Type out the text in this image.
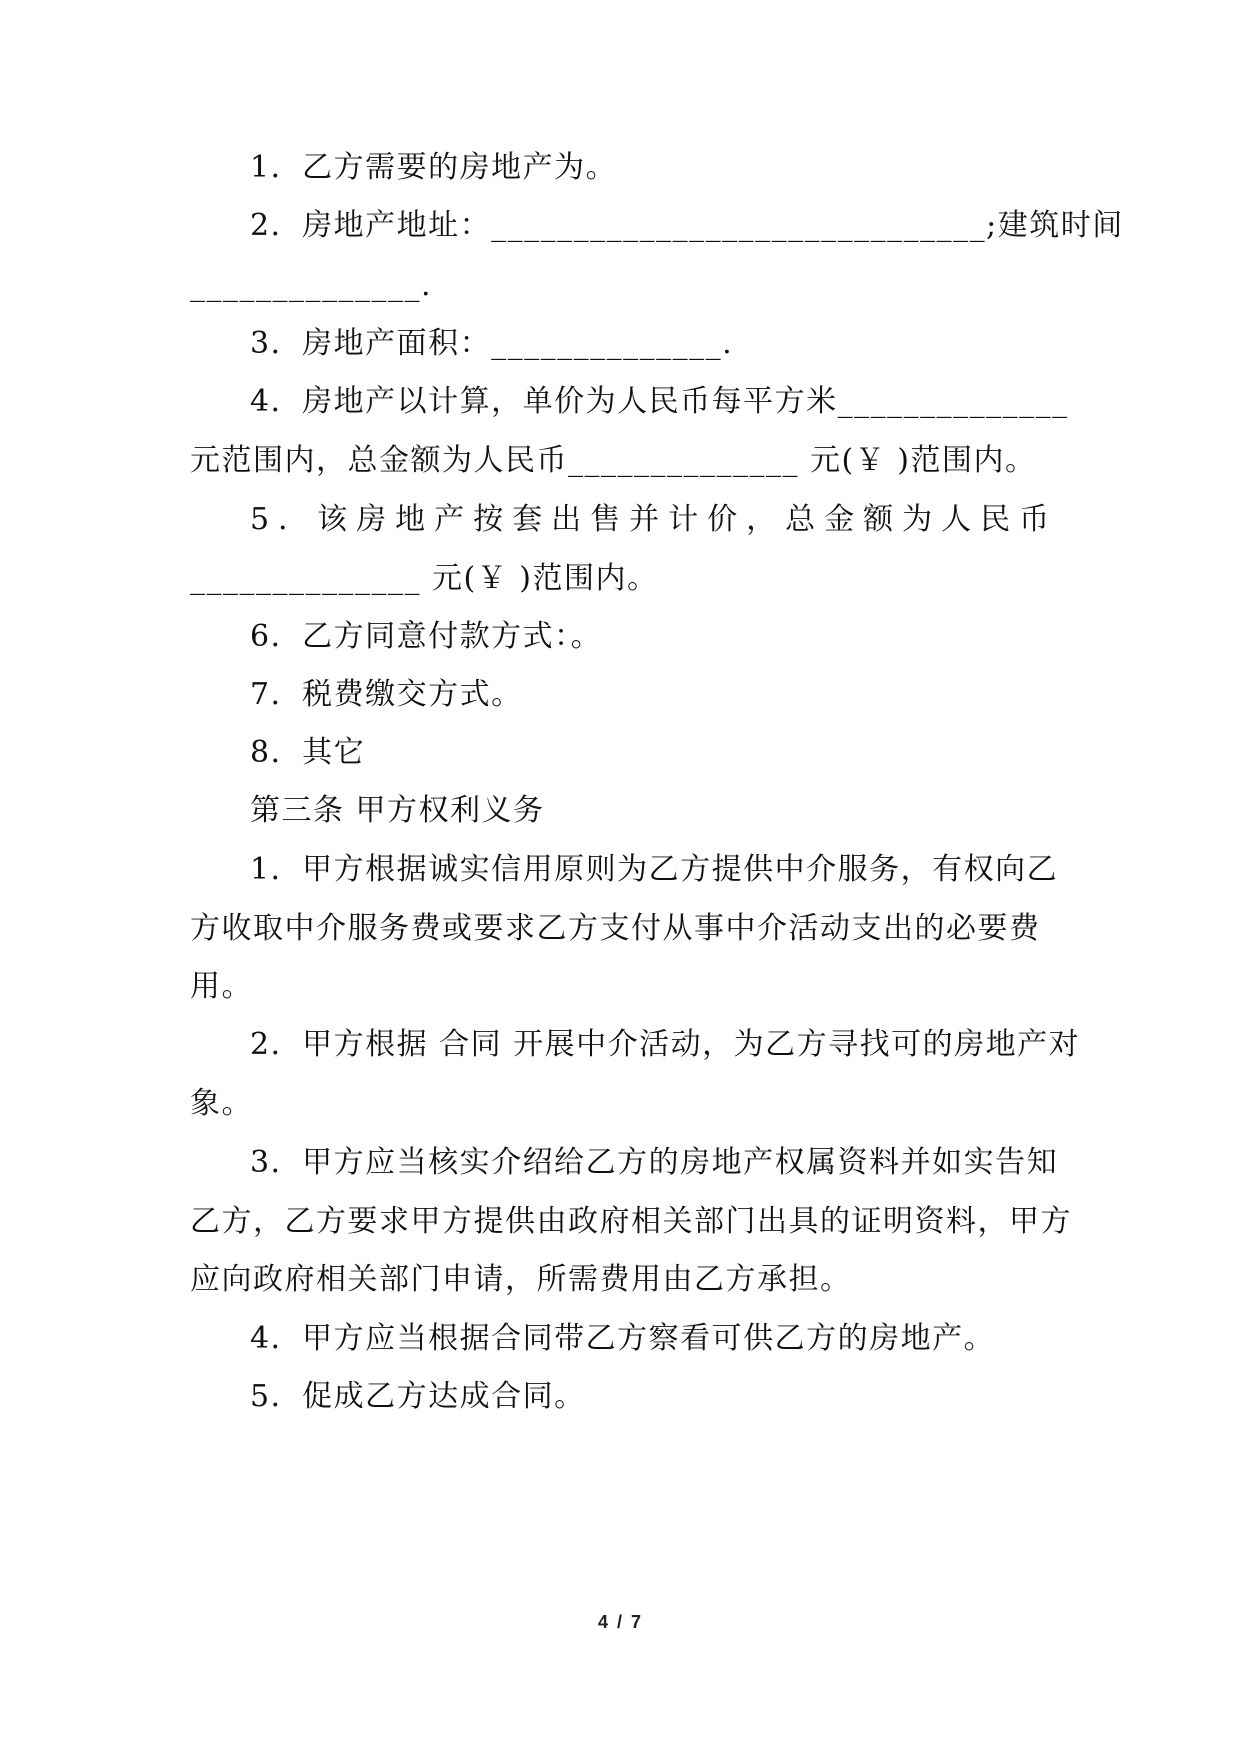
1．乙方需要的房地产为。
2．房地产地址：______________________________;建筑时间
______________.
3．房地产面积：______________.
4．房地产以计算，单价为人民币每平方米______________
元范围内，总金额为人民币______________ 元(￥ )范围内。
5．该房地产按套出售并计价，总金额为人民币
______________ 元(￥ )范围内。
6．乙方同意付款方式：。
7．税费缴交方式。
8．其它
第三条 甲方权利义务
1．甲方根据诚实信用原则为乙方提供中介服务，有权向乙
方收取中介服务费或要求乙方支付从事中介活动支出的必要费
用。
2．甲方根据 合同 开展中介活动，为乙方寻找可的房地产对
象。
3．甲方应当核实介绍给乙方的房地产权属资料并如实告知
乙方，乙方要求甲方提供由政府相关部门出具的证明资料，甲方
应向政府相关部门申请，所需费用由乙方承担。
4．甲方应当根据合同带乙方察看可供乙方的房地产。
5．促成乙方达成合同。
4 / 7
